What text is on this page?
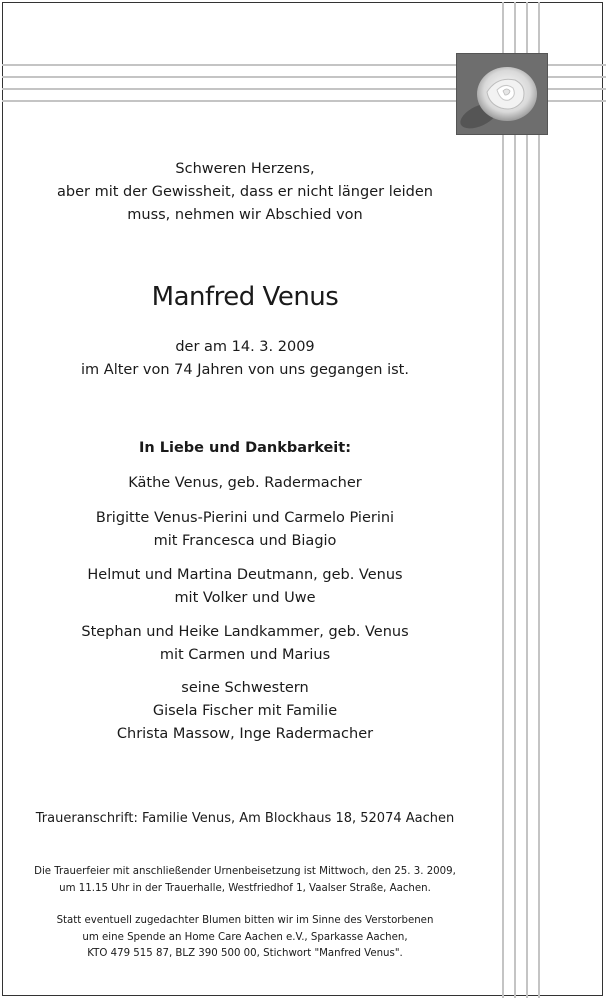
Schweren Herzens,
aber mit der Gewissheit, dass er nicht länger leiden
muss, nehmen wir Abschied von
Manfred Venus
der am 14. 3. 2009
im Alter von 74 Jahren von uns gegangen ist.
In Liebe und Dankbarkeit:
Käthe Venus, geb. Radermacher
Brigitte Venus-Pierini und Carmelo Pierini
mit Francesca und Biagio
Helmut und Martina Deutmann, geb. Venus
mit Volker und Uwe
Stephan und Heike Landkammer, geb. Venus
mit Carmen und Marius
seine Schwestern
Gisela Fischer mit Familie
Christa Massow, Inge Radermacher
Traueranschrift: Familie Venus, Am Blockhaus 18, 52074 Aachen
Die Trauerfeier mit anschließender Urnenbeisetzung ist Mittwoch, den 25. 3. 2009,
um 11.15 Uhr in der Trauerhalle, Westfriedhof 1, Vaalser Straße, Aachen.
Statt eventuell zugedachter Blumen bitten wir im Sinne des Verstorbenen
um eine Spende an Home Care Aachen e.V., Sparkasse Aachen,
KTO 479 515 87, BLZ 390 500 00, Stichwort "Manfred Venus".
